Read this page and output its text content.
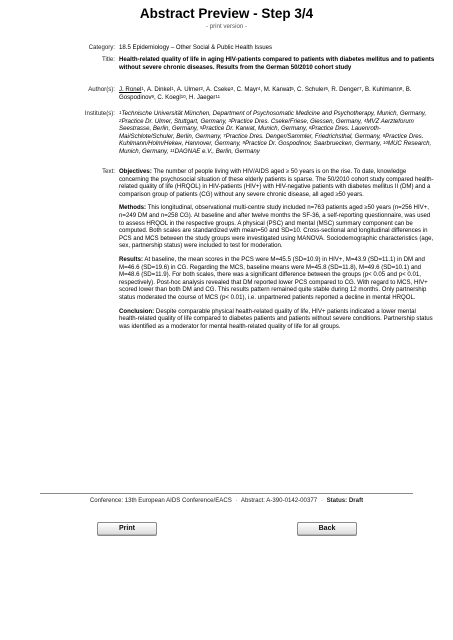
Abstract Preview - Step 3/4
- print version -
Category: 18.5 Epidemiology – Other Social & Public Health Issues
Title: Health-related quality of life in aging HIV-patients compared to patients with diabetes mellitus and to patients without severe chronic diseases. Results from the German 50/2010 cohort study
Author(s): J. Ronel$^1$, A. Dinkel$^1$, A. Ulmer$^2$, A. Cseke$^3$, C. Mayr$^4$, M. Karwat$^5$, C. Schuler$^6$, R. Denger$^7$, B. Kuhlmann$^8$, B. Gospodinov$^9$, C. Koegl$^{10}$, H. Jaeger$^{11}$
Institute(s): $^1$Technische Universität München, Department of Psychosomatic Medicine and Psychotherapy, Munich, Germany, $^2$Practice Dr. Ulmer, Stuttgart, Germany, $^3$Practice Dres. Cseke/Friese, Giessen, Germany, $^4$MVZ Aerzteforum Seestrasse, Berlin, Germany, $^5$Practice Dr. Karwat, Munich, Germany, $^6$Practice Dres. Lauenroth-Mai/Schlote/Schuler, Berlin, Germany, $^7$Practice Dres. Denger/Sammler, Friedrichsthal, Germany, $^8$Practice Dres. Kuhlmann/Holm/Hekeн, Hannover, Germany, $^9$Practice Dr. Gospodinov, Saarbruecken, Germany, $^{10}$MUC Research, Munich, Germany, $^{11}$DAGNAE e.V., Berlin, Germany
Text: Objectives: The number of people living with HIV/AIDS aged ≥ 50 years is on the rise. To date, knowledge concerning the psychosocial situation of these elderly patients is sparse. The 50/2010 cohort study compared health-related quality of life (HRQOL) in HIV-patients (HIV+) with HIV-negative patients with diabetes mellitus II (DM) and a comparison group of patients (CG) without any severe chronic disease, all aged ≥50 years.

Methods: This longitudinal, observational multi-centre study included n=763 patients aged ≥50 years (n=256 HIV+, n=249 DM and n=258 CG). At baseline and after twelve months the SF-36, a self-reporting questionnaire, was used to assess HRQOL in the respective groups. A physical (PSC) and mental (MSC) summary component can be computed. Both scales are standardized with mean=50 and SD=10. Cross-sectional and longitudinal differences in PCS and MCS between the study groups were investigated using MANOVA. Sociodemographic characteristics (age, sex, partnership status) were included to test for moderation.

Results: At baseline, the mean scores in the PCS were M=45.5 (SD=10.9) in HIV+, M=43.9 (SD=11.1) in DM and M=46.6 (SD=19.6) in CG. Regarding the MCS, baseline means were M=45.8 (SD=11.8), M=49.6 (SD=10.1) and M=48.6 (SD=11.9). For both scales, there was a significant difference between the groups (p< 0.05 and p< 0.01, respectively). Post-hoc analysis revealed that DM reported lower PCS compared to CG. With regard to MCS, HIV+ scored lower than both DM and CG. This results pattern remained quite stable during 12 months. Only partnership status moderated the course of MCS (p< 0.01), i.e. unpartnered patients reported a decline in mental HRQOL.

Conclusion: Despite comparable physical health-related quality of life, HIV+ patients indicated a lower mental health-related quality of life compared to diabetes patients and patients without severe conditions. Partnership status was identified as a moderator for mental health-related quality of life for all groups.

Conference: 13th European AIDS Conference/EACS · Abstract: A-390-0142-00377 · Status: Draft
Print	Back
